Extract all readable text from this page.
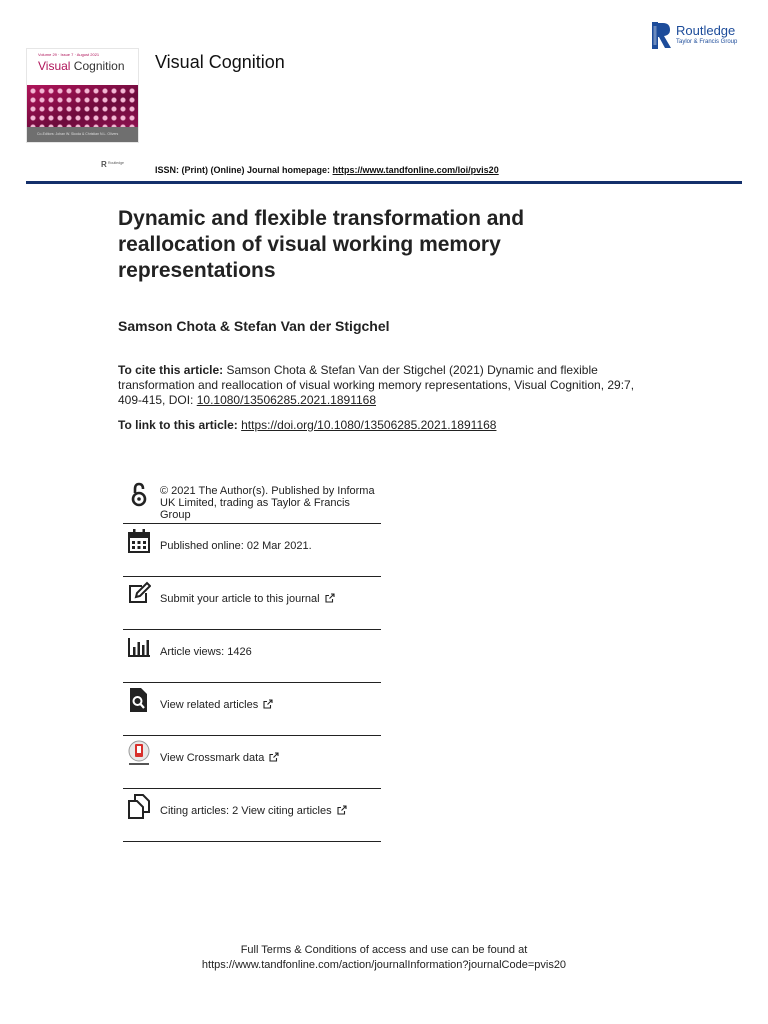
Volume 29 · Issue 7 · August 2021
Visual Cognition
Co-Editors: Johan W. Skoda & Christian N.L. Olivers
Visual Cognition
Routledge
Taylor & Francis Group
R Routledge
ISSN: (Print) (Online) Journal homepage: https://www.tandfonline.com/loi/pvis20
Dynamic and flexible transformation and reallocation of visual working memory representations
Samson Chota & Stefan Van der Stigchel
To cite this article: Samson Chota & Stefan Van der Stigchel (2021) Dynamic and flexible transformation and reallocation of visual working memory representations, Visual Cognition, 29:7, 409-415, DOI: 10.1080/13506285.2021.1891168
To link to this article: https://doi.org/10.1080/13506285.2021.1891168
© 2021 The Author(s). Published by Informa UK Limited, trading as Taylor & Francis Group
Published online: 02 Mar 2021.
Submit your article to this journal
Article views: 1426
View related articles
View Crossmark data
Citing articles: 2 View citing articles
Full Terms & Conditions of access and use can be found at
https://www.tandfonline.com/action/journalInformation?journalCode=pvis20
